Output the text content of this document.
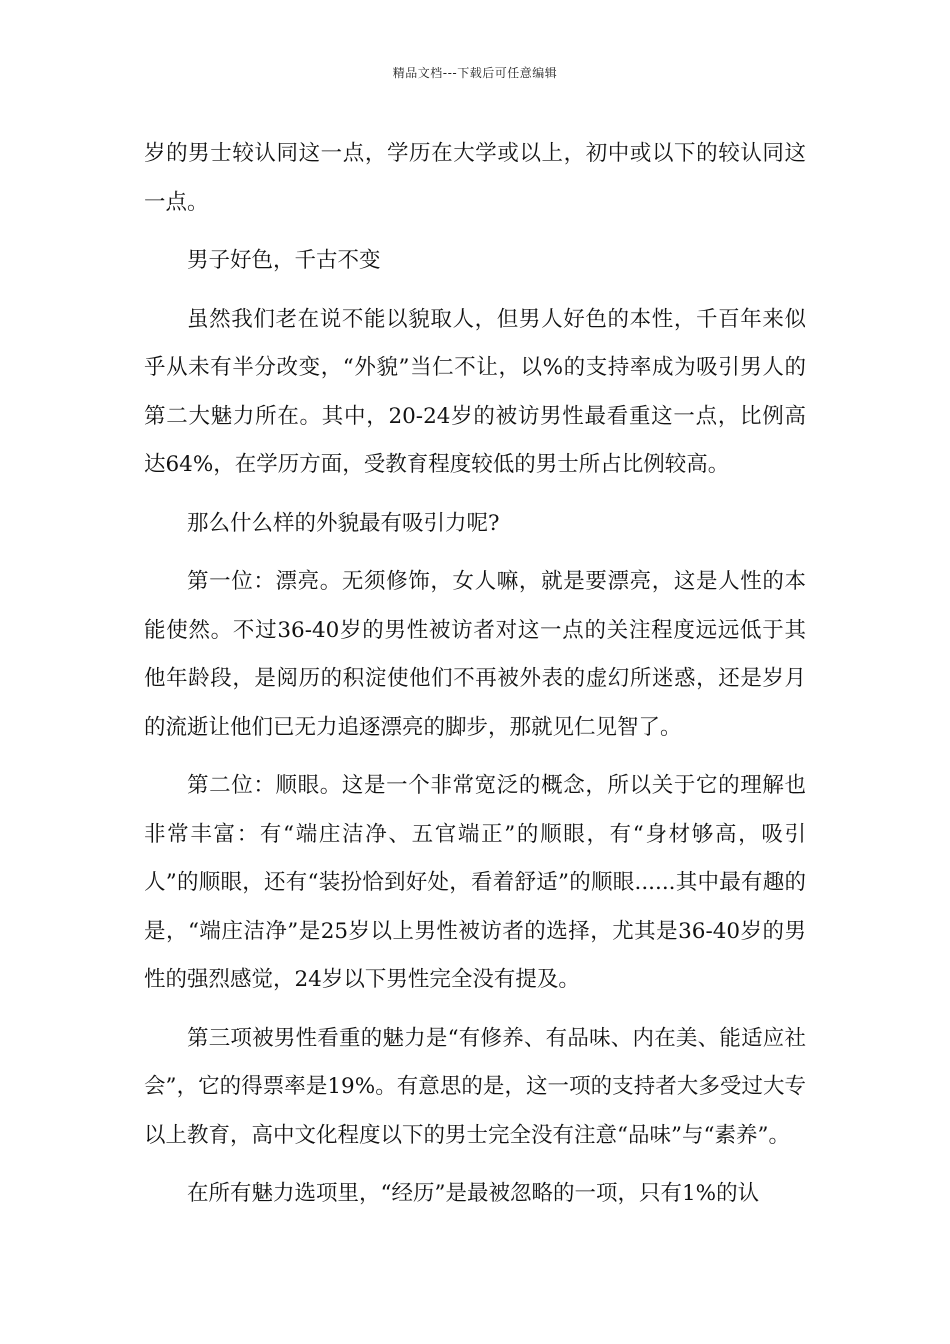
精品文档---下载后可任意编辑

岁的男士较认同这一点，学历在大学或以上，初中或以下的较认同这一点。

男子好色，千古不变

虽然我们老在说不能以貌取人，但男人好色的本性，千百年来似乎从未有半分改变，“外貌”当仁不让，以%的支持率成为吸引男人的第二大魅力所在。其中，20-24岁的被访男性最看重这一点，比例高达64%，在学历方面，受教育程度较低的男士所占比例较高。

那么什么样的外貌最有吸引力呢?

第一位：漂亮。无须修饰，女人嘛，就是要漂亮，这是人性的本能使然。不过36-40岁的男性被访者对这一点的关注程度远远低于其他年龄段，是阅历的积淀使他们不再被外表的虚幻所迷惑，还是岁月的流逝让他们已无力追逐漂亮的脚步，那就见仁见智了。

第二位：顺眼。这是一个非常宽泛的概念，所以关于它的理解也非常丰富：有“端庄洁净、五官端正”的顺眼，有“身材够高，吸引人”的顺眼，还有“装扮恰到好处，看着舒适”的顺眼......其中最有趣的是，“端庄洁净”是25岁以上男性被访者的选择，尤其是36-40岁的男性的强烈感觉，24岁以下男性完全没有提及。

第三项被男性看重的魅力是“有修养、有品味、内在美、能适应社会”，它的得票率是19%。有意思的是，这一项的支持者大多受过大专以上教育，高中文化程度以下的男士完全没有注意“品味”与“素养”。

在所有魅力选项里，“经历”是最被忽略的一项，只有1%的认
